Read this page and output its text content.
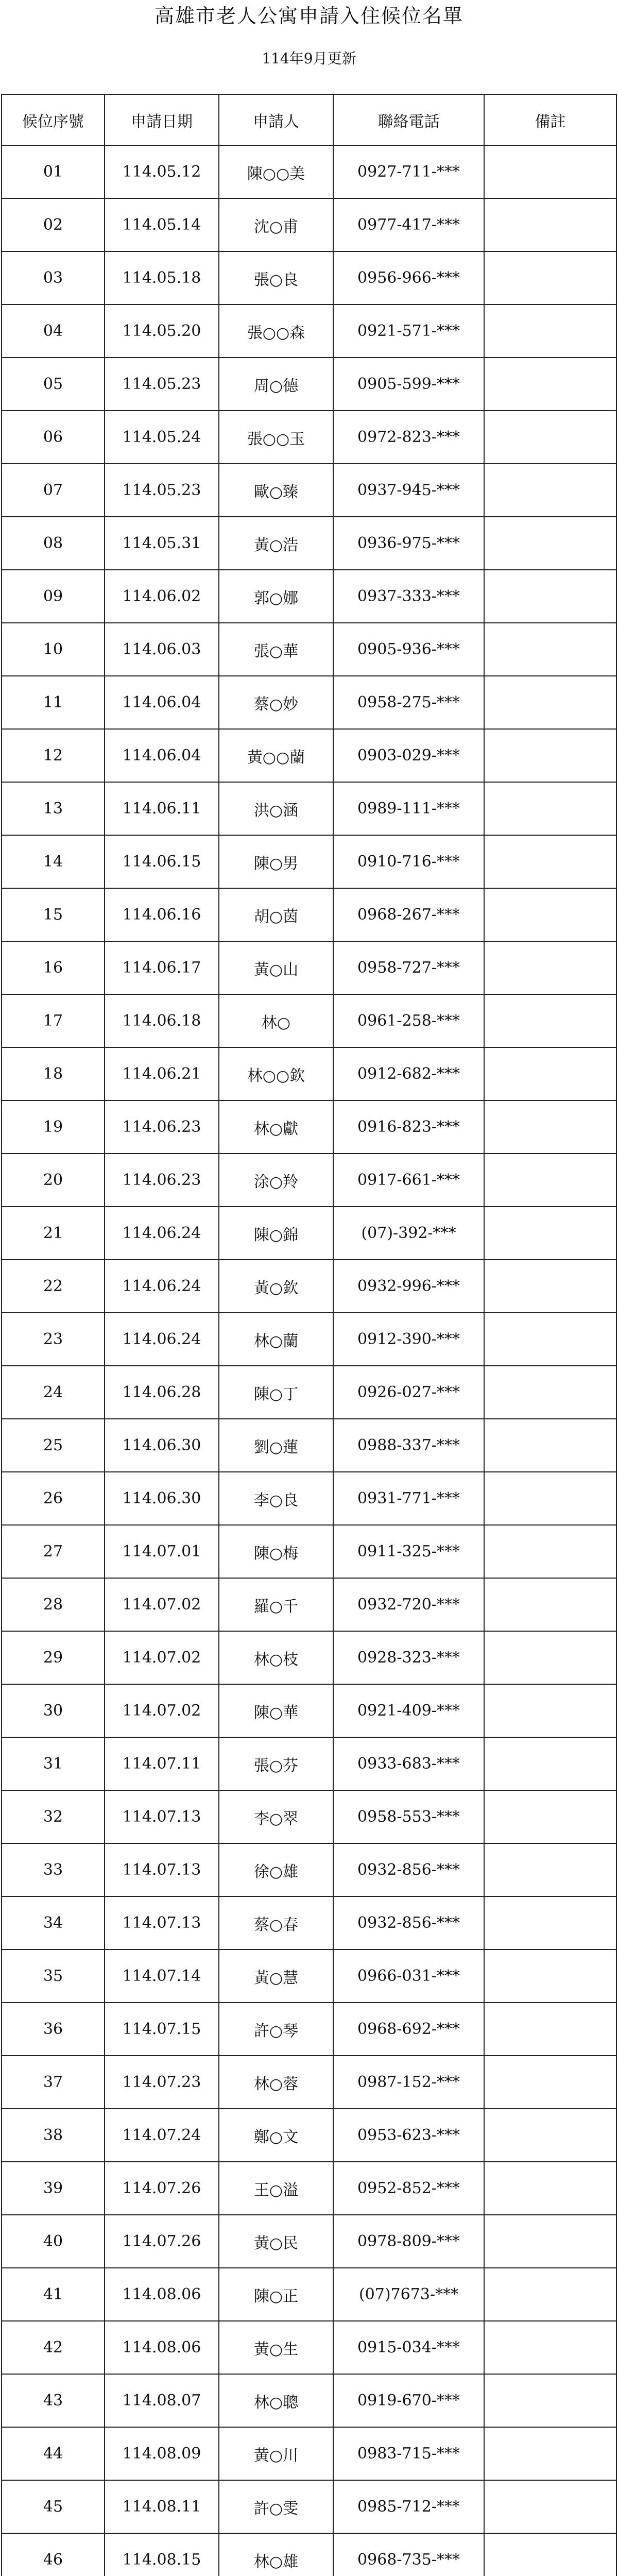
高雄市老人公寓申請入住候位名單
114年9月更新
候位序號	申請日期	申請人	聯絡電話	備註
01	114.05.12	陳○○美	0927-711-***	
02	114.05.14	沈○甫	0977-417-***	
03	114.05.18	張○良	0956-966-***	
04	114.05.20	張○○森	0921-571-***	
05	114.05.23	周○德	0905-599-***	
06	114.05.24	張○○玉	0972-823-***	
07	114.05.23	歐○臻	0937-945-***	
08	114.05.31	黃○浩	0936-975-***	
09	114.06.02	郭○娜	0937-333-***	
10	114.06.03	張○華	0905-936-***	
11	114.06.04	蔡○妙	0958-275-***	
12	114.06.04	黃○○蘭	0903-029-***	
13	114.06.11	洪○涵	0989-111-***	
14	114.06.15	陳○男	0910-716-***	
15	114.06.16	胡○茵	0968-267-***	
16	114.06.17	黃○山	0958-727-***	
17	114.06.18	林○	0961-258-***	
18	114.06.21	林○○欽	0912-682-***	
19	114.06.23	林○獻	0916-823-***	
20	114.06.23	涂○羚	0917-661-***	
21	114.06.24	陳○錦	(07)-392-***	
22	114.06.24	黃○欽	0932-996-***	
23	114.06.24	林○蘭	0912-390-***	
24	114.06.28	陳○丁	0926-027-***	
25	114.06.30	劉○蓮	0988-337-***	
26	114.06.30	李○良	0931-771-***	
27	114.07.01	陳○梅	0911-325-***	
28	114.07.02	羅○千	0932-720-***	
29	114.07.02	林○枝	0928-323-***	
30	114.07.02	陳○華	0921-409-***	
31	114.07.11	張○芬	0933-683-***	
32	114.07.13	李○翠	0958-553-***	
33	114.07.13	徐○雄	0932-856-***	
34	114.07.13	蔡○春	0932-856-***	
35	114.07.14	黃○慧	0966-031-***	
36	114.07.15	許○琴	0968-692-***	
37	114.07.23	林○蓉	0987-152-***	
38	114.07.24	鄭○文	0953-623-***	
39	114.07.26	王○溢	0952-852-***	
40	114.07.26	黃○民	0978-809-***	
41	114.08.06	陳○正	(07)7673-***	
42	114.08.06	黃○生	0915-034-***	
43	114.08.07	林○聰	0919-670-***	
44	114.08.09	黃○川	0983-715-***	
45	114.08.11	許○雯	0985-712-***	
46	114.08.15	林○雄	0968-735-***	
